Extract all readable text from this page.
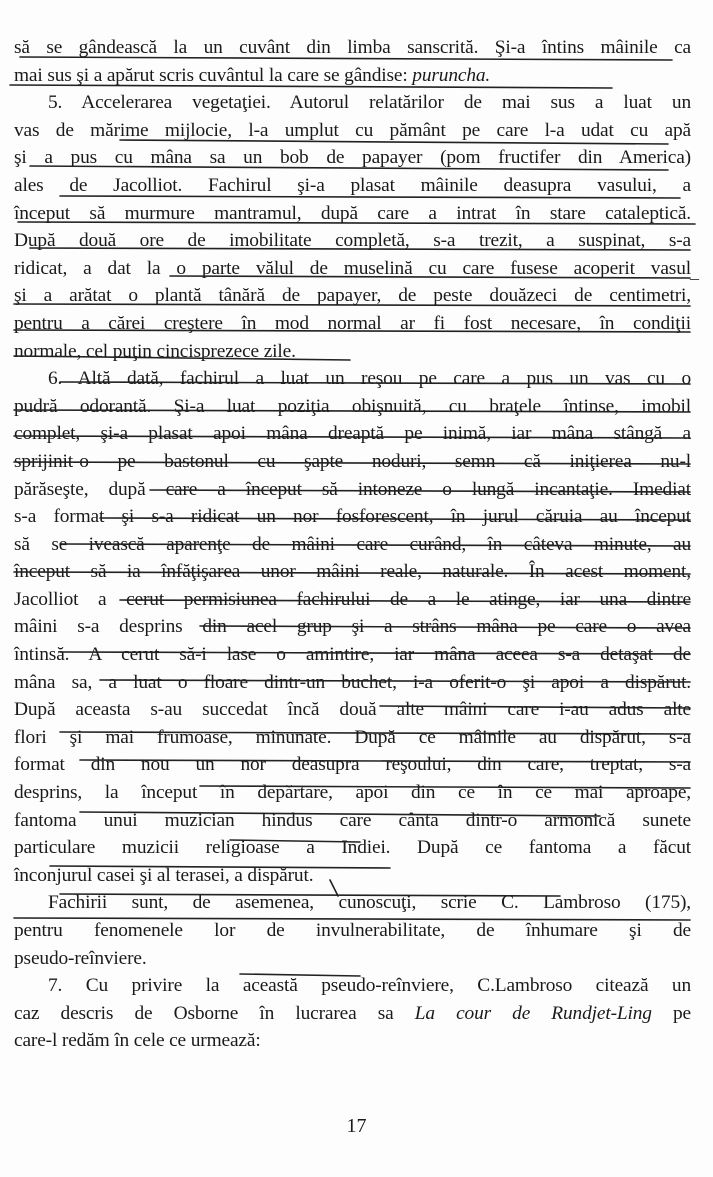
să se gândească la un cuvânt din limba sanscrită. Şi-a întins mâinile ca
mai sus şi a apărut scris cuvântul la care se gândise: puruncha.
5. Accelerarea vegetaţiei. Autorul relatărilor de mai sus a luat un
vas de mărime mijlocie, l-a umplut cu pământ pe care l-a udat cu apă
şi a pus cu mâna sa un bob de papayer (pom fructifer din America)
ales de Jacolliot. Fachirul şi-a plasat mâinile deasupra vasului, a
început să murmure mantramul, după care a intrat în stare cataleptică.
După două ore de imobilitate completă, s-a trezit, a suspinat, s-a
ridicat, a dat la o parte vălul de muselină cu care fusese acoperit vasul
şi a arătat o plantă tânără de papayer, de peste douăzeci de centimetri,
pentru a cărei creştere în mod normal ar fi fost necesare, în condiţii
normale, cel puţin cincisprezece zile.
6. Altă dată, fachirul a luat un reşou pe care a pus un vas cu o
pudră odorantă. Şi-a luat poziţia obişnuită, cu braţele întinse, imobil
complet, şi-a plasat apoi mâna dreaptă pe inimă, iar mâna stângă a
sprijinit-o pe bastonul cu şapte noduri, semn că iniţierea nu-l
părăseşte, după care a început să intoneze o lungă incantaţie. Imediat
s-a format şi s-a ridicat un nor fosforescent, în jurul căruia au început
să se ivească aparenţe de mâini care curând, în câteva minute, au
început să ia înfăţişarea unor mâini reale, naturale. În acest moment,
Jacolliot a cerut permisiunea fachirului de a le atinge, iar una dintre
mâini s-a desprins din acel grup şi a strâns mâna pe care o avea
întinsă. A cerut să-i lase o amintire, iar mâna aceea s-a detaşat de
mâna sa, a luat o floare dintr-un buchet, i-a oferit-o şi apoi a dispărut.
După aceasta s-au succedat încă două alte mâini care i-au adus alte
flori şi mai frumoase, minunate. După ce mâinile au dispărut, s-a
format din nou un nor deasupra reşoului, din care, treptat, s-a
desprins, la început în depărtare, apoi din ce în ce mai aproape,
fantoma unui muzician hindus care cânta dintr-o armonică sunete
particulare muzicii religioase a Indiei. După ce fantoma a făcut
înconjurul casei şi al terasei, a dispărut.
Fachirii sunt, de asemenea, cunoscuţi, scrie C. Lambroso (175),
pentru fenomenele lor de invulnerabilitate, de înhumare şi de
pseudo-reînviere.
7. Cu privire la această pseudo-reînviere, C.Lambroso citează un
caz descris de Osborne în lucrarea sa La cour de Rundjet-Ling pe
care-l redăm în cele ce urmează:
–
17
